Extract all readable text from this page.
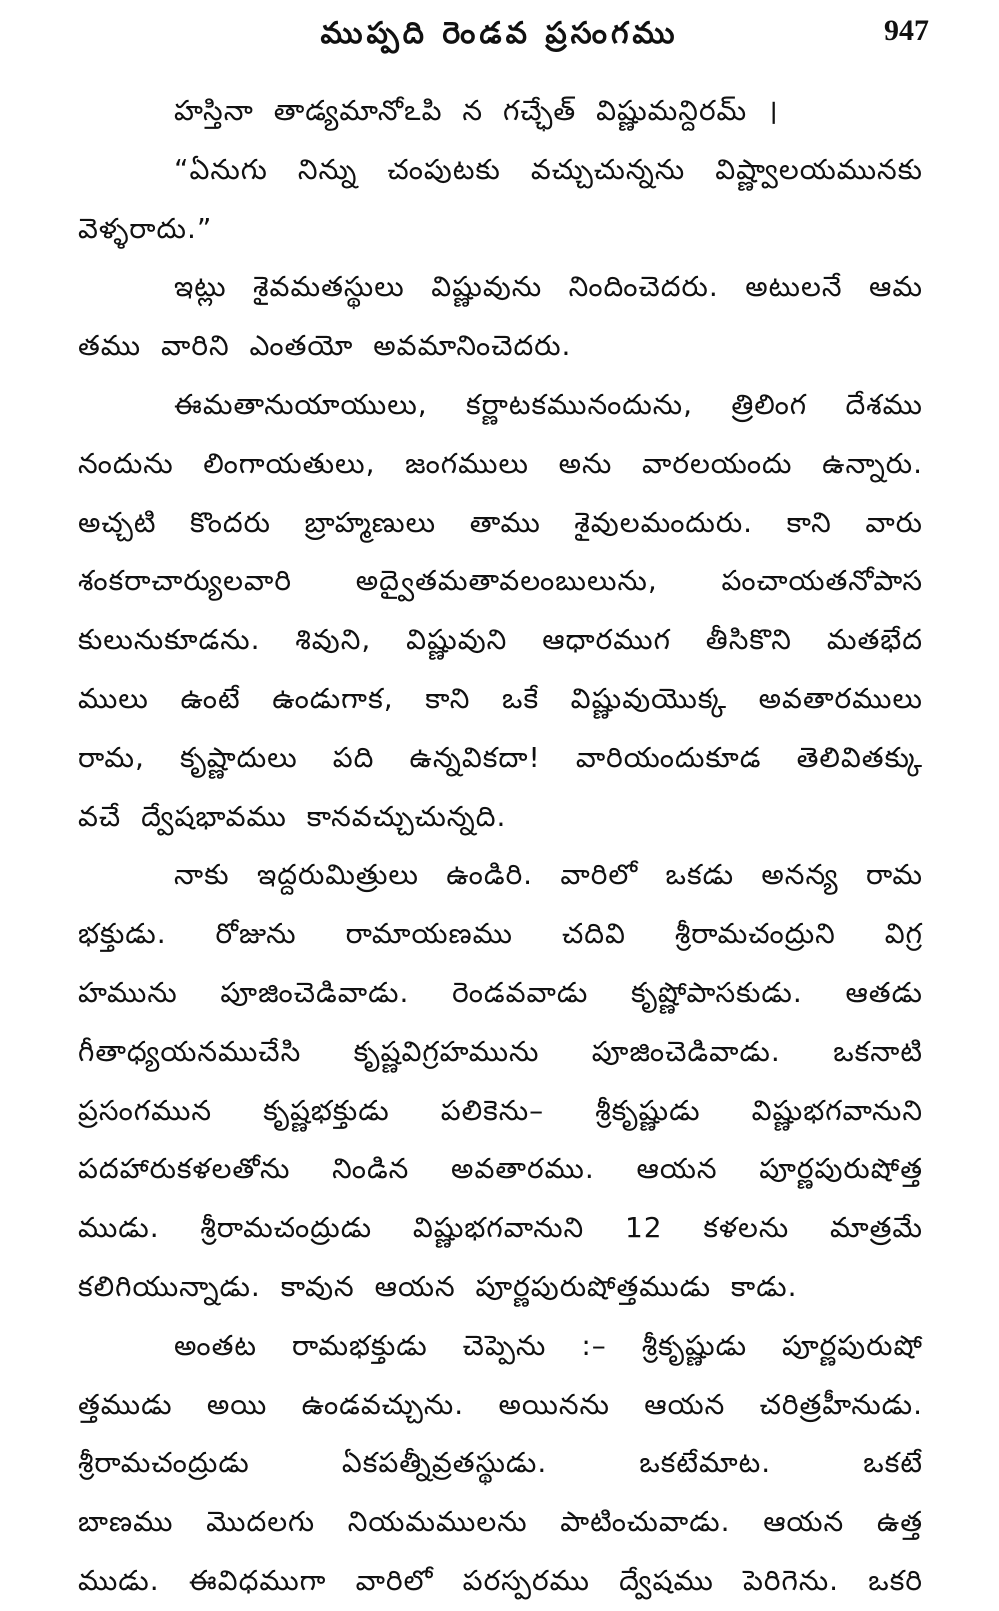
ముప్పది రెండవ ప్రసంగము	947
హస్తినా తాడ్యమానోఽపి న గచ్ఛేత్ విష్ణుమన్దిరమ్ ।
“ఏనుగు నిన్ను చంపుటకు వచ్చుచున్నను విష్ణ్వాలయమునకు
వెళ్ళరాదు.”
ఇట్లు శైవమతస్థులు విష్ణువును నిందించెదరు. అటులనే ఆమ
తము వారిని ఎంతయో అవమానించెదరు.
ఈమతానుయాయులు, కర్ణాటకమునందును, త్రిలింగ దేశము
నందును లింగాయతులు, జంగములు అను వారలయందు ఉన్నారు.
అచ్చటి కొందరు బ్రాహ్మణులు తాము శైవులమందురు. కాని వారు
శంకరాచార్యులవారి అద్వైతమతావలంబులును, పంచాయతనోపాస
కులునుకూడను. శివుని, విష్ణువుని ఆధారముగ తీసికొని మతభేద
ములు ఉంటే ఉండుగాక, కాని ఒకే విష్ణువుయొక్క అవతారములు
రామ, కృష్ణాదులు పది ఉన్నవికదా! వారియందుకూడ తెలివితక్కు
వచే ద్వేషభావము కానవచ్చుచున్నది.
నాకు ఇద్దరుమిత్రులు ఉండిరి. వారిలో ఒకడు అనన్య రామ
భక్తుడు. రోజును రామాయణము చదివి శ్రీరామచంద్రుని విగ్ర
హమును పూజించెడివాడు. రెండవవాడు కృష్ణోపాసకుడు. ఆతడు
గీతాధ్యయనముచేసి కృష్ణవిగ్రహమును పూజించెడివాడు. ఒకనాటి
ప్రసంగమున కృష్ణభక్తుడు పలికెను– శ్రీకృష్ణుడు విష్ణుభగవానుని
పదహారుకళలతోను నిండిన అవతారము. ఆయన పూర్ణపురుషోత్త
ముడు. శ్రీరామచంద్రుడు విష్ణుభగవానుని 12 కళలను మాత్రమే
కలిగియున్నాడు. కావున ఆయన పూర్ణపురుషోత్తముడు కాడు.
అంతట రామభక్తుడు చెప్పెను :– శ్రీకృష్ణుడు పూర్ణపురుషో
త్తముడు అయి ఉండవచ్చును. అయినను ఆయన చరిత్రహీనుడు.
శ్రీరామచంద్రుడు ఏకపత్నీవ్రతస్థుడు. ఒకటేమాట. ఒకటే
బాణము మొదలగు నియమములను పాటించువాడు. ఆయన ఉత్త
ముడు. ఈవిధముగా వారిలో పరస్పరము ద్వేషము పెరిగెను. ఒకరి
